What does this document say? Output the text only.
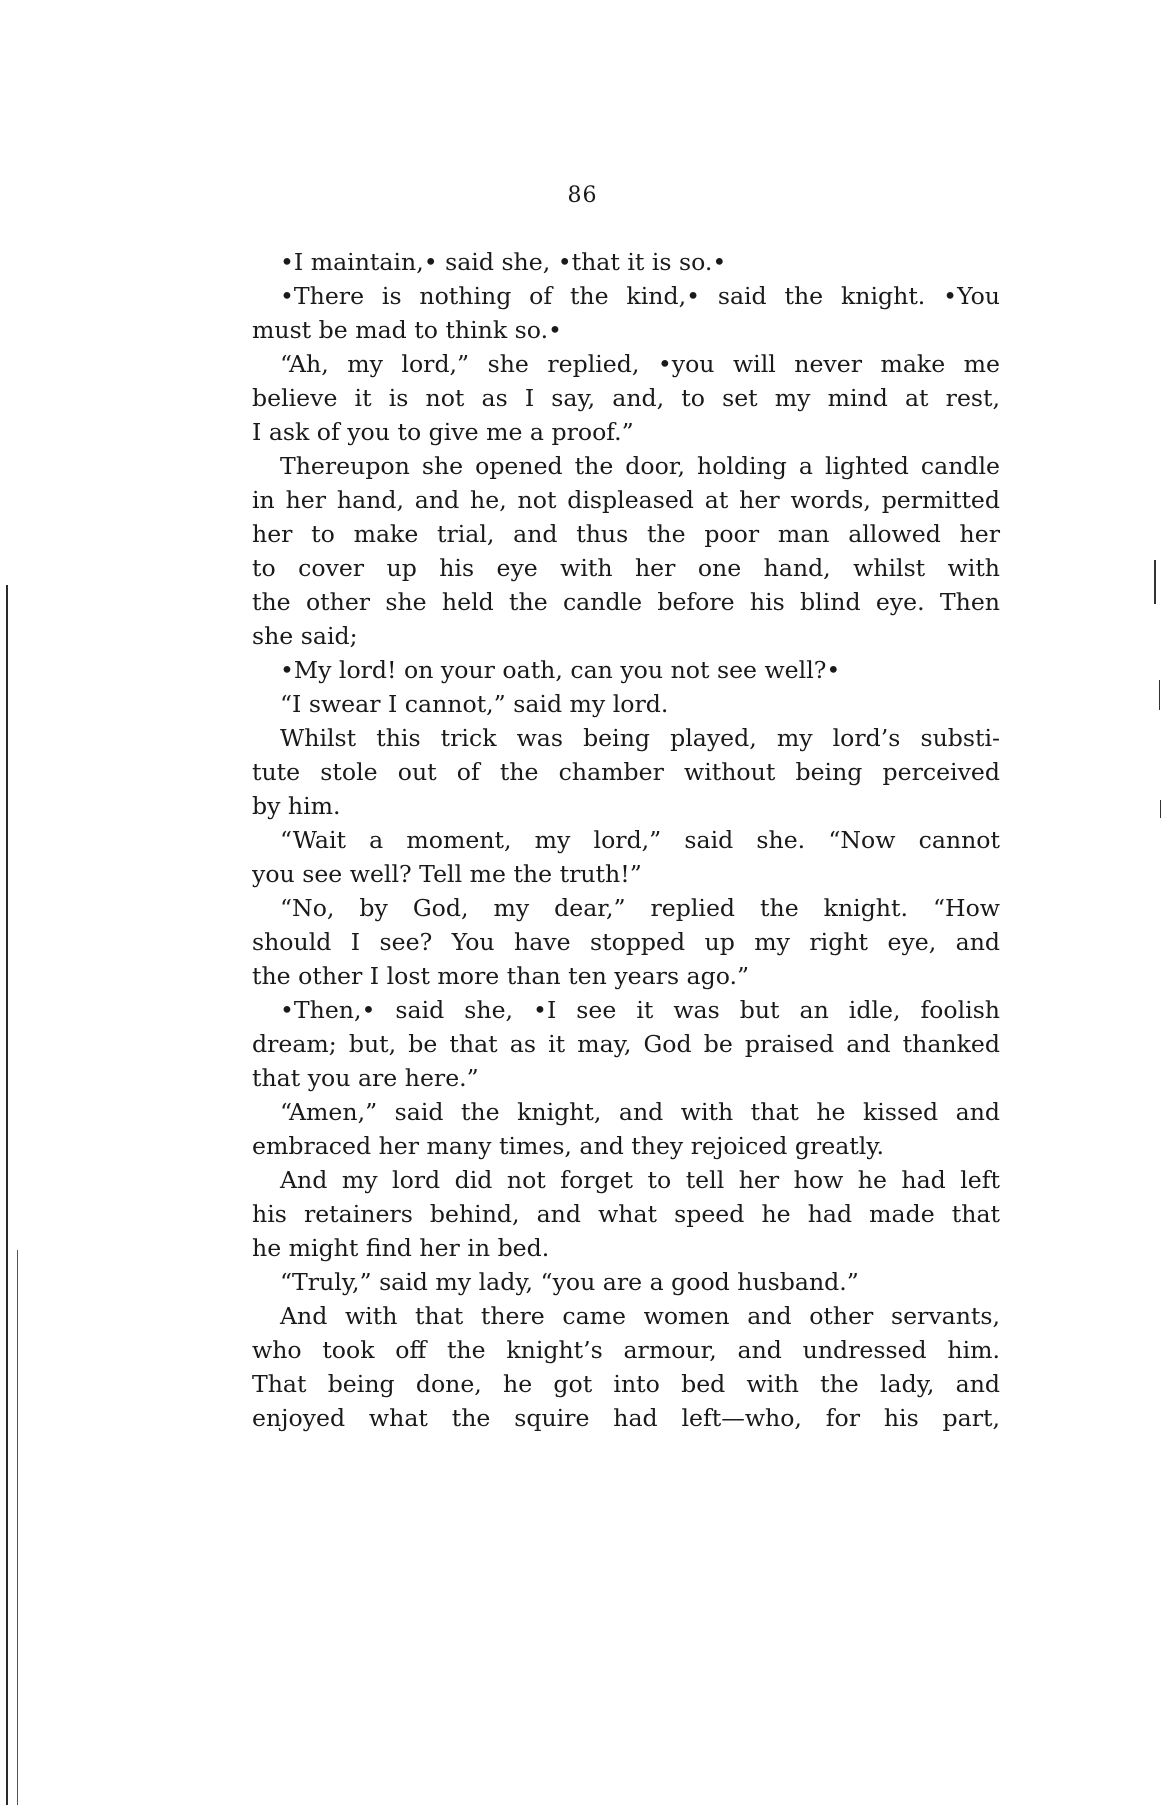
86
•I maintain,• said she, •that it is so.•
•There is nothing of the kind,• said the knight. •You
must be mad to think so.•
“Ah, my lord,” she replied, •you will never make me
believe it is not as I say, and, to set my mind at rest,
I ask of you to give me a proof.”
Thereupon she opened the door, holding a lighted candle
in her hand, and he, not displeased at her words, permitted
her to make trial, and thus the poor man allowed her
to cover up his eye with her one hand, whilst with
the other she held the candle before his blind eye. Then
she said;
•My lord! on your oath, can you not see well?•
“I swear I cannot,” said my lord.
Whilst this trick was being played, my lord’s substi-
tute stole out of the chamber without being perceived
by him.
“Wait a moment, my lord,” said she. “Now cannot
you see well? Tell me the truth!”
“No, by God, my dear,” replied the knight. “How
should I see? You have stopped up my right eye, and
the other I lost more than ten years ago.”
•Then,• said she, •I see it was but an idle, foolish
dream; but, be that as it may, God be praised and thanked
that you are here.”
“Amen,” said the knight, and with that he kissed and
embraced her many times, and they rejoiced greatly.
And my lord did not forget to tell her how he had left
his retainers behind, and what speed he had made that
he might find her in bed.
“Truly,” said my lady, “you are a good husband.”
And with that there came women and other servants,
who took off the knight’s armour, and undressed him.
That being done, he got into bed with the lady, and
enjoyed what the squire had left—who, for his part,
